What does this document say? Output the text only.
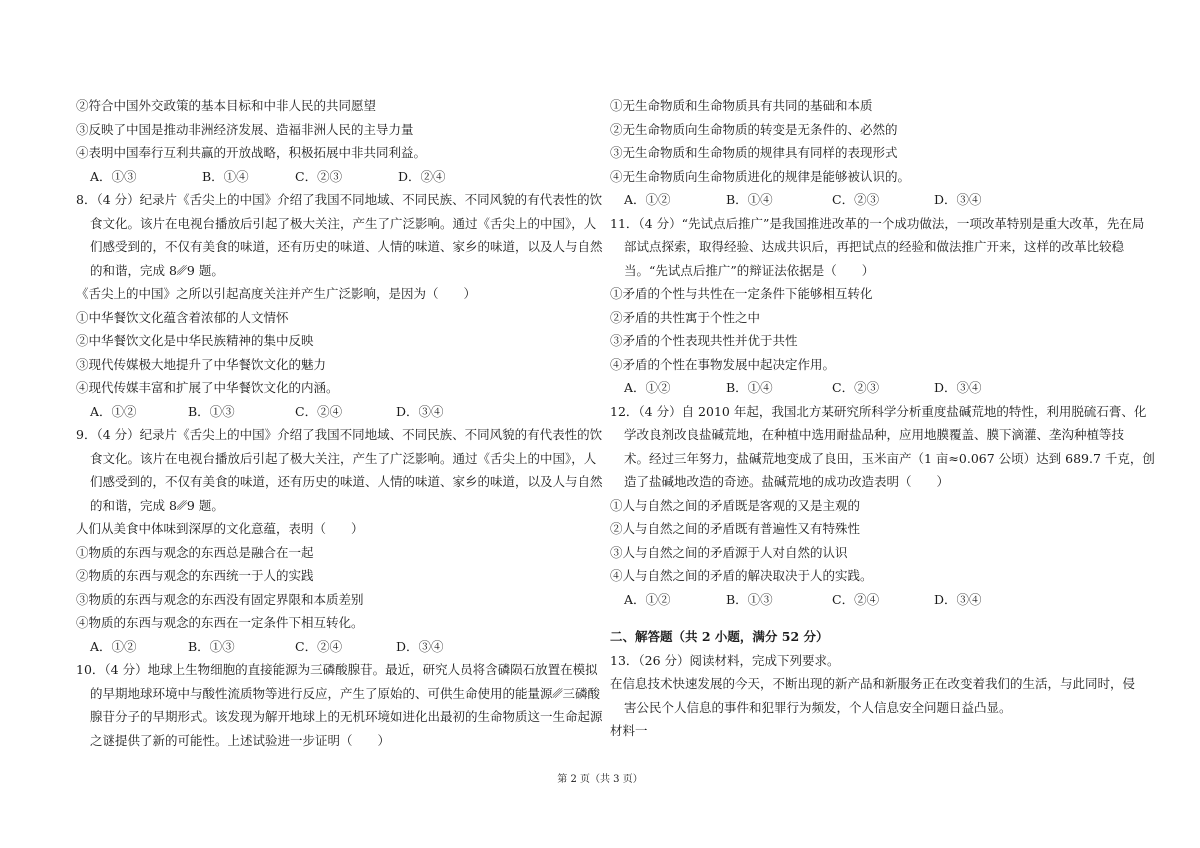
②符合中国外交政策的基本目标和中非人民的共同愿望
③反映了中国是推动非洲经济发展、造福非洲人民的主导力量
④表明中国奉行互利共赢的开放战略，积极拓展中非共同利益。
A．①③	B．①④	C．②③	D．②④
8．（4 分）纪录片《舌尖上的中国》介绍了我国不同地域、不同民族、不同风貌的有代表性的饮
食文化。该片在电视台播放后引起了极大关注，产生了广泛影响。通过《舌尖上的中国》，人
们感受到的，不仅有美食的味道，还有历史的味道、人情的味道、家乡的味道，以及人与自然
的和谐，完成 8␥9 题。
《舌尖上的中国》之所以引起高度关注并产生广泛影响，是因为（　　）
①中华餐饮文化蕴含着浓郁的人文情怀
②中华餐饮文化是中华民族精神的集中反映
③现代传媒极大地提升了中华餐饮文化的魅力
④现代传媒丰富和扩展了中华餐饮文化的内涵。
A．①②	B．①③	C．②④	D．③④
9．（4 分）纪录片《舌尖上的中国》介绍了我国不同地域、不同民族、不同风貌的有代表性的饮
食文化。该片在电视台播放后引起了极大关注，产生了广泛影响。通过《舌尖上的中国》，人
们感受到的，不仅有美食的味道，还有历史的味道、人情的味道、家乡的味道，以及人与自然
的和谐，完成 8␥9 题。
人们从美食中体味到深厚的文化意蕴，表明（　　）
①物质的东西与观念的东西总是融合在一起
②物质的东西与观念的东西统一于人的实践
③物质的东西与观念的东西没有固定界限和本质差别
④物质的东西与观念的东西在一定条件下相互转化。
A．①②	B．①③	C．②④	D．③④
10．（4 分）地球上生物细胞的直接能源为三磷酸腺苷。最近，研究人员将含磷陨石放置在模拟
的早期地球环境中与酸性流质物等进行反应，产生了原始的、可供生命使用的能量源␥三磷酸
腺苷分子的早期形式。该发现为解开地球上的无机环境如进化出最初的生命物质这一生命起源
之谜提供了新的可能性。上述试验进一步证明（　　）
①无生命物质和生命物质具有共同的基础和本质
②无生命物质向生命物质的转变是无条件的、必然的
③无生命物质和生命物质的规律具有同样的表现形式
④无生命物质向生命物质进化的规律是能够被认识的。
A．①②	B．①④	C．②③	D．③④
11．（4 分）“先试点后推广”是我国推进改革的一个成功做法，一项改革特别是重大改革，先在局
部试点探索，取得经验、达成共识后，再把试点的经验和做法推广开来，这样的改革比较稳
当。“先试点后推广”的辩证法依据是（　　）
①矛盾的个性与共性在一定条件下能够相互转化
②矛盾的共性寓于个性之中
③矛盾的个性表现共性并优于共性
④矛盾的个性在事物发展中起决定作用。
A．①②	B．①④	C．②③	D．③④
12．（4 分）自 2010 年起，我国北方某研究所科学分析重度盐碱荒地的特性，利用脱硫石膏、化
学改良剂改良盐碱荒地，在种植中选用耐盐品种，应用地膜覆盖、膜下滴灌、垄沟种植等技
术。经过三年努力，盐碱荒地变成了良田，玉米亩产（1 亩≈0.067 公顷）达到 689.7 千克，创
造了盐碱地改造的奇迹。盐碱荒地的成功改造表明（　　）
①人与自然之间的矛盾既是客观的又是主观的
②人与自然之间的矛盾既有普遍性又有特殊性
③人与自然之间的矛盾源于人对自然的认识
④人与自然之间的矛盾的解决取决于人的实践。
A．①②	B．①③	C．②④	D．③④
二、解答题（共 2 小题，满分 52 分）
13．（26 分）阅读材料，完成下列要求。
在信息技术快速发展的今天，不断出现的新产品和新服务正在改变着我们的生活，与此同时，侵
害公民个人信息的事件和犯罪行为频发，个人信息安全问题日益凸显。
材料一
第 2 页（共 3 页）
